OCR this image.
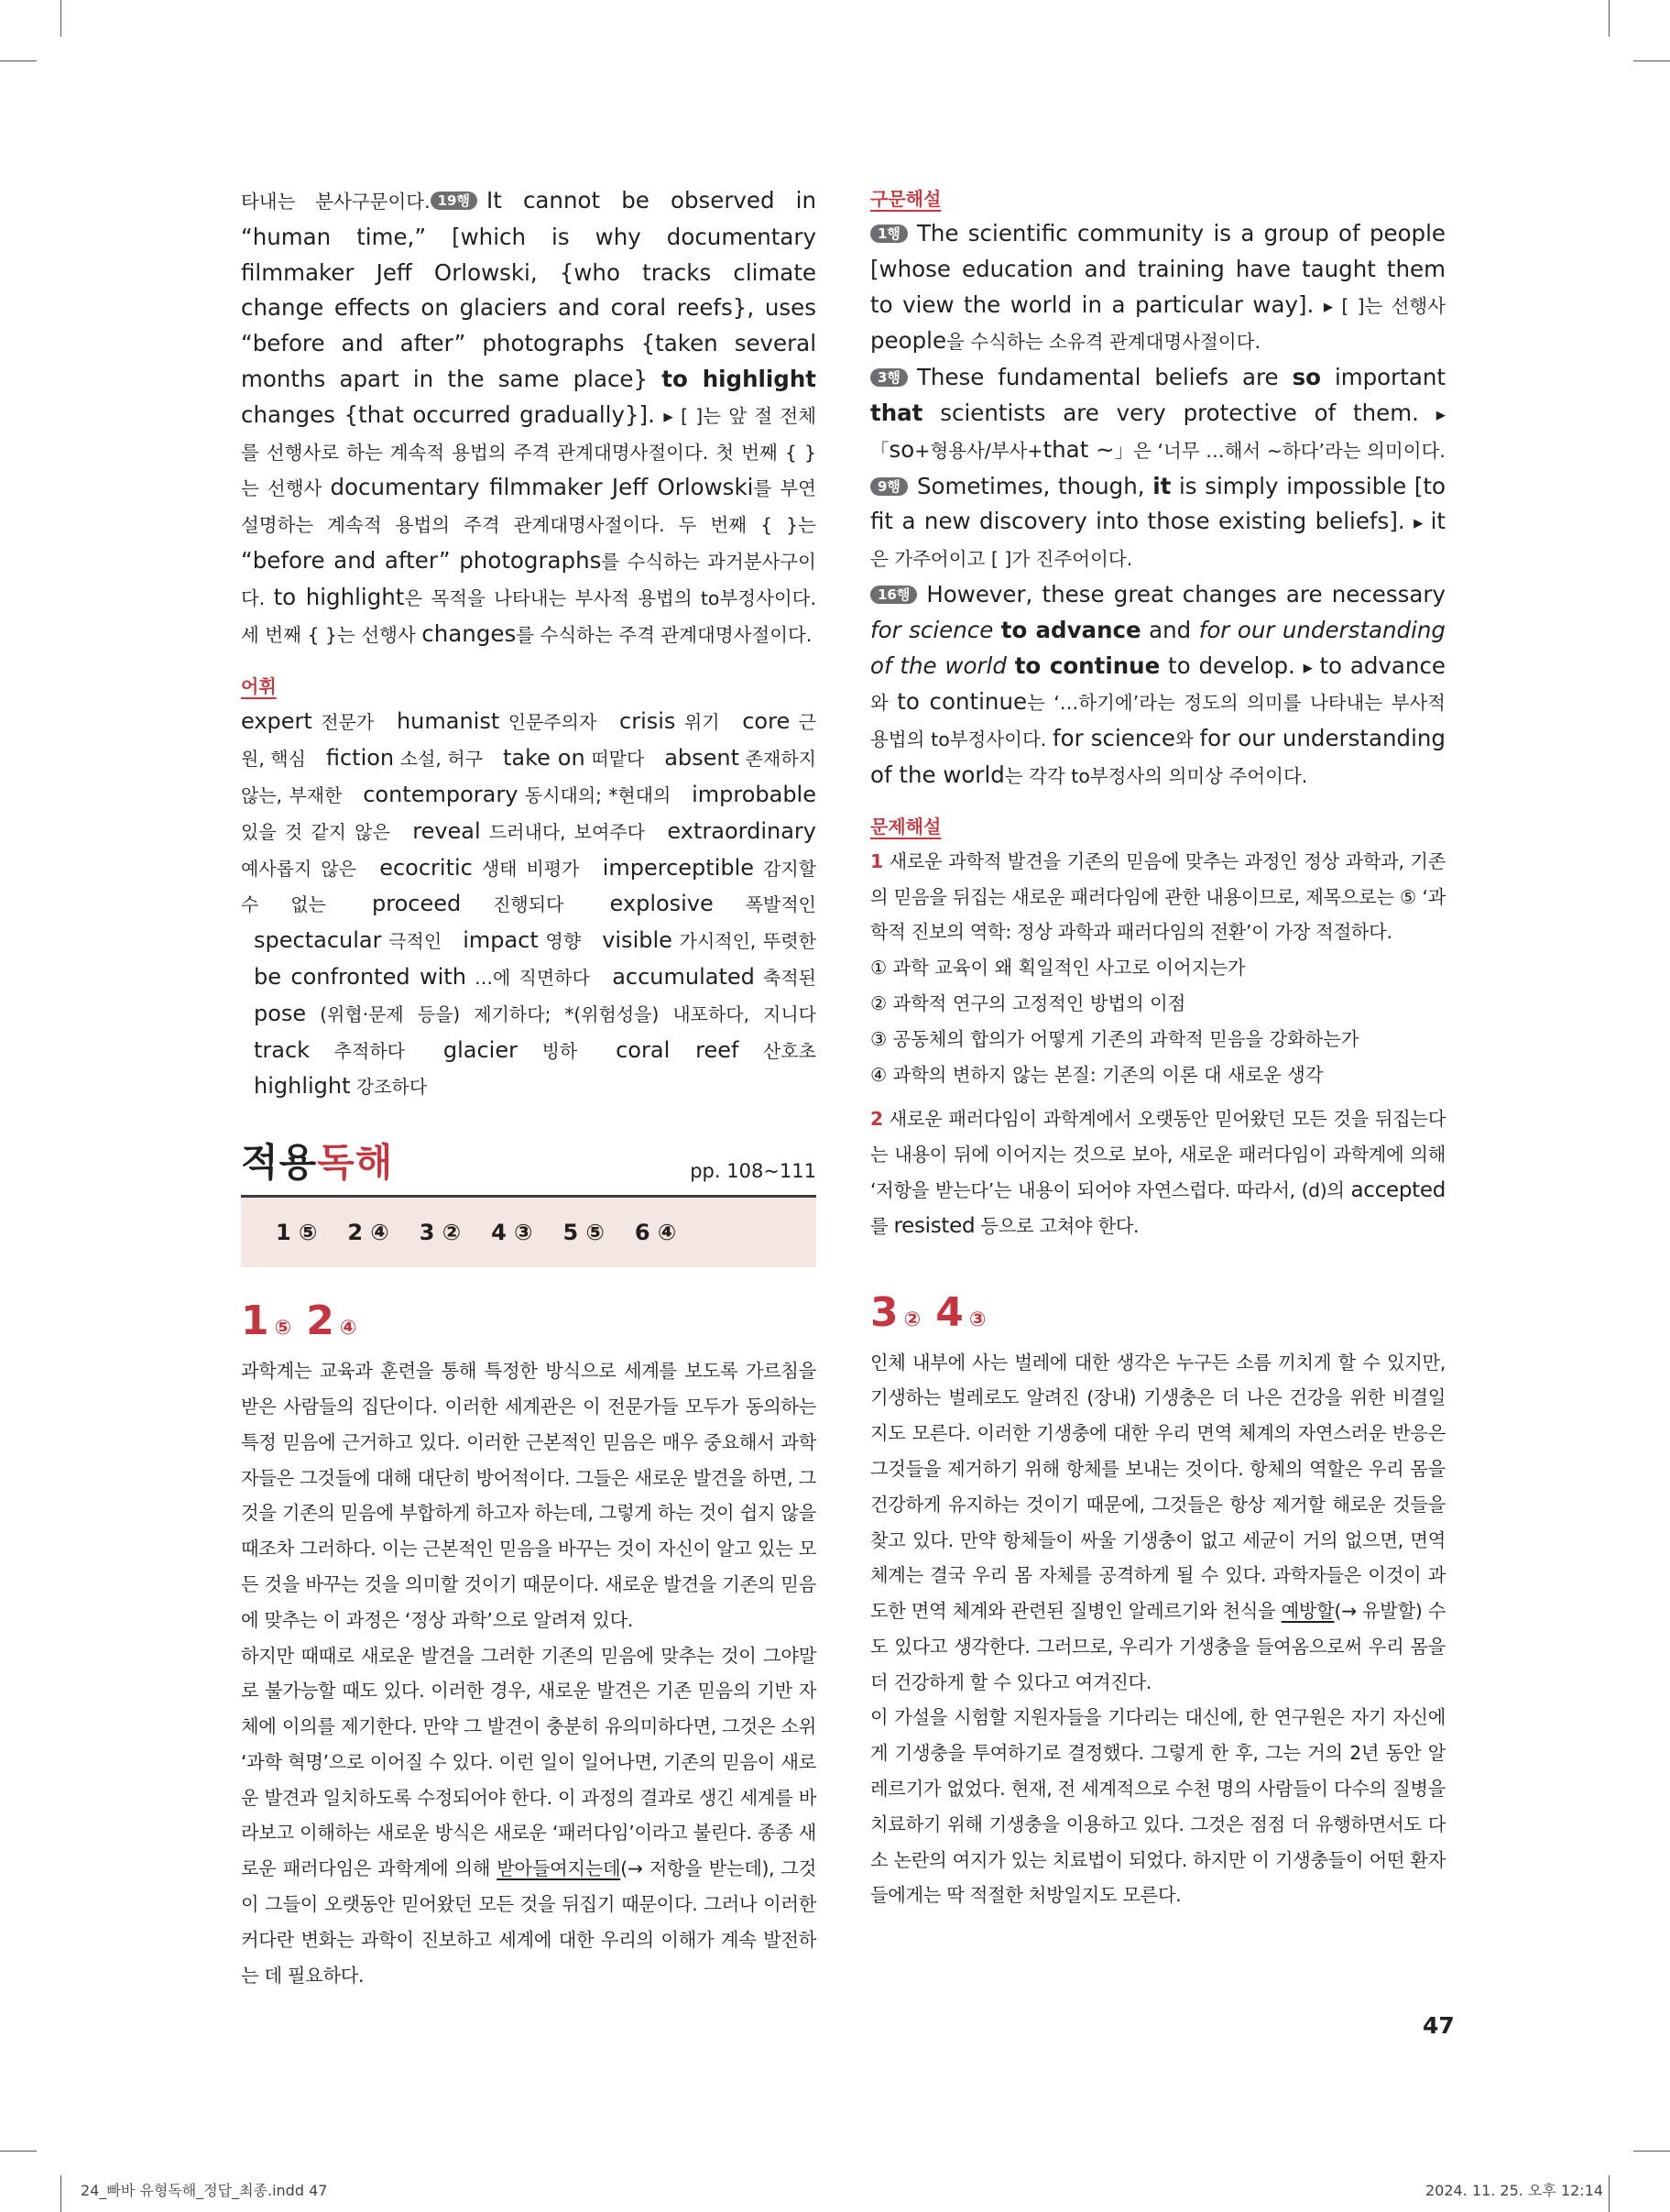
타내는 분사구문이다. 19행 It cannot be observed in “human time,” [which is why documentary filmmaker Jeff Orlowski, {who tracks climate change effects on glaciers and coral reefs}, uses “before and after” photographs {taken several months apart in the same place} to highlight changes {that occurred gradually}]. ▸ [ ]는 앞 절 전체를 선행사로 하는 계속적 용법의 주격 관계대명사절이다. 첫 번째 { }는 선행사 documentary filmmaker Jeff Orlowski를 부연 설명하는 계속적 용법의 주격 관계대명사절이다. 두 번째 { }는 “before and after” photographs를 수식하는 과거분사구이다. to highlight은 목적을 나타내는 부사적 용법의 to부정사이다. 세 번째 { }는 선행사 changes를 수식하는 주격 관계대명사절이다.
어휘
expert 전문가 humanist 인문주의자 crisis 위기 core 근원, 핵심 fiction 소설, 허구 take on 떠맡다 absent 존재하지 않는, 부재한 contemporary 동시대의; *현대의 improbable 있을 것 같지 않은 reveal 드러내다, 보여주다 extraordinary 예사롭지 않은 ecocritic 생태 비평가 imperceptible 감지할 수 없는 proceed 진행되다 explosive 폭발적인 spectacular 극적인 impact 영향 visible 가시적인, 뚜렷한 be confronted with …에 직면하다 accumulated 축적된 pose (위협·문제 등을) 제기하다; *(위험성을) 내포하다, 지니다 track 추적하다 glacier 빙하 coral reef 산호초 highlight 강조하다
적용독해	pp. 108~111
1 ⑤ 2 ④ 3 ② 4 ③ 5 ⑤ 6 ④
1 ⑤ 2 ④

과학계는 교육과 훈련을 통해 특정한 방식으로 세계를 보도록 가르침을 받은 사람들의 집단이다. 이러한 세계관은 이 전문가들 모두가 동의하는 특정 믿음에 근거하고 있다. 이러한 근본적인 믿음은 매우 중요해서 과학자들은 그것들에 대해 대단히 방어적이다. 그들은 새로운 발견을 하면, 그것을 기존의 믿음에 부합하게 하고자 하는데, 그렇게 하는 것이 쉽지 않을 때조차 그러하다. 이는 근본적인 믿음을 바꾸는 것이 자신이 알고 있는 모든 것을 바꾸는 것을 의미할 것이기 때문이다. 새로운 발견을 기존의 믿음에 맞추는 이 과정은 ‘정상 과학’으로 알려져 있다.

하지만 때때로 새로운 발견을 그러한 기존의 믿음에 맞추는 것이 그야말로 불가능할 때도 있다. 이러한 경우, 새로운 발견은 기존 믿음의 기반 자체에 이의를 제기한다. 만약 그 발견이 충분히 유의미하다면, 그것은 소위 ‘과학 혁명’으로 이어질 수 있다. 이런 일이 일어나면, 기존의 믿음이 새로운 발견과 일치하도록 수정되어야 한다. 이 과정의 결과로 생긴 세계를 바라보고 이해하는 새로운 방식은 새로운 ‘패러다임’이라고 불린다. 종종 새로운 패러다임은 과학계에 의해 받아들여지는데(→ 저항을 받는데), 그것이 그들이 오랫동안 믿어왔던 모든 것을 뒤집기 때문이다. 그러나 이러한 커다란 변화는 과학이 진보하고 세계에 대한 우리의 이해가 계속 발전하는 데 필요하다.

구문해설
1행 The scientific community is a group of people [whose education and training have taught them to view the world in a particular way]. ▸ [ ]는 선행사 people을 수식하는 소유격 관계대명사절이다.
3행 These fundamental beliefs are so important that scientists are very protective of them. ▸ 「so+형용사/부사+that ~」은 ‘너무 …해서 ~하다’라는 의미이다.
9행 Sometimes, though, it is simply impossible [to fit a new discovery into those existing beliefs]. ▸ it은 가주어이고 [ ]가 진주어이다.
16행 However, these great changes are necessary for science to advance and for our understanding of the world to continue to develop. ▸ to advance와 to continue는 ‘…하기에’라는 정도의 의미를 나타내는 부사적 용법의 to부정사이다. for science와 for our understanding of the world는 각각 to부정사의 의미상 주어이다.
문제해설
1 새로운 과학적 발견을 기존의 믿음에 맞추는 과정인 정상 과학과, 기존의 믿음을 뒤집는 새로운 패러다임에 관한 내용이므로, 제목으로는 ⑤ ‘과학적 진보의 역학: 정상 과학과 패러다임의 전환’이 가장 적절하다.
① 과학 교육이 왜 획일적인 사고로 이어지는가
② 과학적 연구의 고정적인 방법의 이점
③ 공동체의 합의가 어떻게 기존의 과학적 믿음을 강화하는가
④ 과학의 변하지 않는 본질: 기존의 이론 대 새로운 생각
2 새로운 패러다임이 과학계에서 오랫동안 믿어왔던 모든 것을 뒤집는다는 내용이 뒤에 이어지는 것으로 보아, 새로운 패러다임이 과학계에 의해 ‘저항을 받는다’는 내용이 되어야 자연스럽다. 따라서, (d)의 accepted를 resisted 등으로 고쳐야 한다.
3 ② 4 ③

인체 내부에 사는 벌레에 대한 생각은 누구든 소름 끼치게 할 수 있지만, 기생하는 벌레로도 알려진 (장내) 기생충은 더 나은 건강을 위한 비결일지도 모른다. 이러한 기생충에 대한 우리 면역 체계의 자연스러운 반응은 그것들을 제거하기 위해 항체를 보내는 것이다. 항체의 역할은 우리 몸을 건강하게 유지하는 것이기 때문에, 그것들은 항상 제거할 해로운 것들을 찾고 있다. 만약 항체들이 싸울 기생충이 없고 세균이 거의 없으면, 면역 체계는 결국 우리 몸 자체를 공격하게 될 수 있다. 과학자들은 이것이 과도한 면역 체계와 관련된 질병인 알레르기와 천식을 예방할(→ 유발할) 수도 있다고 생각한다. 그러므로, 우리가 기생충을 들여옴으로써 우리 몸을 더 건강하게 할 수 있다고 여겨진다.

이 가설을 시험할 지원자들을 기다리는 대신에, 한 연구원은 자기 자신에게 기생충을 투여하기로 결정했다. 그렇게 한 후, 그는 거의 2년 동안 알레르기가 없었다. 현재, 전 세계적으로 수천 명의 사람들이 다수의 질병을 치료하기 위해 기생충을 이용하고 있다. 그것은 점점 더 유행하면서도 다소 논란의 여지가 있는 치료법이 되었다. 하지만 이 기생충들이 어떤 환자들에게는 딱 적절한 처방일지도 모른다.

47
24_빠바 유형독해_정답_최종.indd 47	2024. 11. 25. 오후 12:14
